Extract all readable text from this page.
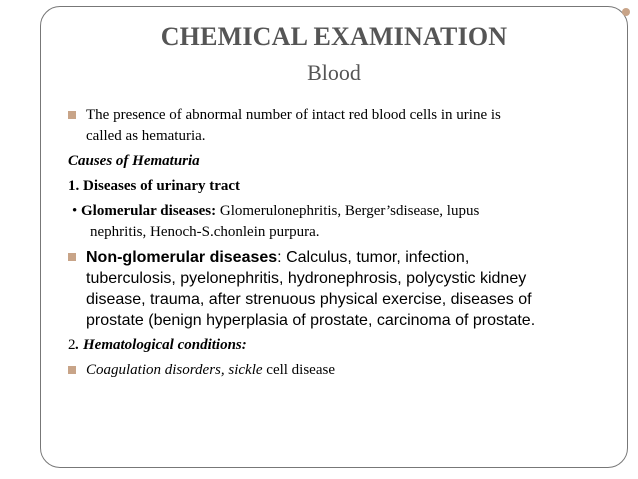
CHEMICAL EXAMINATION
Blood
The presence of abnormal number of intact red blood cells in urine is
called as hematuria.

Causes of Hematuria

1. Diseases of urinary tract

• Glomerular diseases: Glomerulonephritis, Berger’sdisease, lupus
nephritis, Henoch-S.chonlein purpura.
Non-glomerular diseases: Calculus, tumor, infection,
tuberculosis, pyelonephritis, hydronephrosis, polycystic kidney
disease, trauma, after strenuous physical exercise, diseases of
prostate (benign hyperplasia of prostate, carcinoma of prostate.

2. Hematological conditions:

Coagulation disorders, sickle cell disease
